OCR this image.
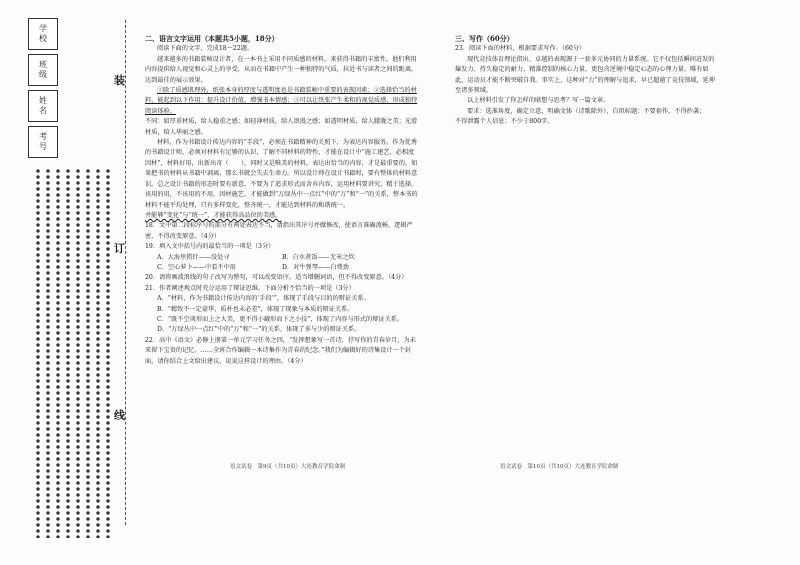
学　校
班　级
姓　名
考　号
装
订
线

二、语言文字运用（本题共5小题，18分）

阅读下面的文字，完成18～22题。

越来越多的书籍装帧设计者，在一本书上采用不同质感的材料，来获得书籍的丰富性。他们利用内容提供给人视觉和心灵上的享受，从而在书籍中产生一种独特的气质，拉近书与读者之间的距离，达到最佳的展示效果。

①除了质感肌理外，纸张本身的厚度与透明度也是书籍装帧中重要的表现因素；②选择恰当的材料，能起到以下作用：提升设计价值，增强书本情感；③可以让纸张产生柔和的视觉质感，形成独特阅读体验。

不同：如厚重材质，给人稳重之感；如轻薄材质，给人浪漫之感；如透明材质，给人朦胧之美；光滑材质，给人华丽之感。

材料，作为书籍设计传达内容的“手段”，必须在书籍精神的关照下，为表达内容服务。作为优秀的书籍设计师，必须对材料有足够的认识，了解不同材料的特性，才能在设计中“施工建艺，必相度因材”，材料好用，出新出奇（　　），同时又是唯美的材料，表达出恰当的内容，才是最重要的。如果把书的材料从书籍中剥离，那么书就会失去生命力。所以设计师在设计书籍时，要有整体的材料意识。总之设计书籍的形态时要有新意，不要为了追求形式而舍弃内容，运用材料要讲究，精于选择，该用的用，不该用的不用，因材施艺，才能做到“万绿丛中一点红”中的“万”和“一”的关系，整本书的材料不能平均处理，只有多样变化，整齐统一，才能达到材料的和谐统一。

并能够“变化”与“统一”，才能获得高品位的美感。

18．文中第二段标序号的部分有两处表达不当，请指出其序号并做修改，使语言准确流畅，逻辑严密，不得改变原意。（4分）

19．填入文中括号内的最恰当的一项是（3分）

A．大海里捞针——没处寻	B．白水煮饭——无米之炊
C．空心萝卜——中看不中用	D．对牛弹琴——白费劲

20．请将画波浪线的句子改写为整句，可以改变语序，适当增删词语，但不得改变原意。（4分）

21．作者阐述观点时充分运用了辩证思维。下面分析不恰当的一项是（3分）

A．“材料，作为书籍设计传达内容的‘手段’”，体现了手段与目的的辩证关系。

B．“精致不一定豪华，质朴也未必差”，体现了现象与本质的辩证关系。

C．“既不空谈形而上之大美，更不得小觑形而下之小技”，体现了内容与形式的辩证关系。

D．“万绿丛中一点红”中的“万”和“一”的关系，体现了多与少的辩证关系。

22．高中《语文》必修上册第一单元学习任务之四，“发挥想象写一首诗，抒写你的青春岁月，为未来留下宝贵的记忆。……全班合作编辑一本诗集作为青春的纪念。”我们为编辑好的诗集设计一个封面，请你结合上文给出建议，说说这样设计的理由。（4分）

语文试卷　第9页（共10页）大连教育学院命制

三、写作（60分）

23．阅读下面的材料，根据要求写作。（60分）

现代竞技体育理论指出，卓越的表现源于一套多元协同的力量系统。它不仅包括瞬间迸发的爆发力、持久稳定的耐力、精准控制的核心力量，更包含逆境中稳定心态的心理力量。唯有如此，运动员才能不断突破自我。事实上，这种对“力”的理解与追求，早已超越了竞技领域，延伸至诸多领域。

以上材料引发了你怎样的联想与思考？写一篇文章。

要求：选准角度，确定立意，明确文体（诗歌除外），自拟标题；不要套作，不得抄袭；

不得泄露个人信息；不少于800字。

语文试卷　第10页（共10页）大连教育学院命制
